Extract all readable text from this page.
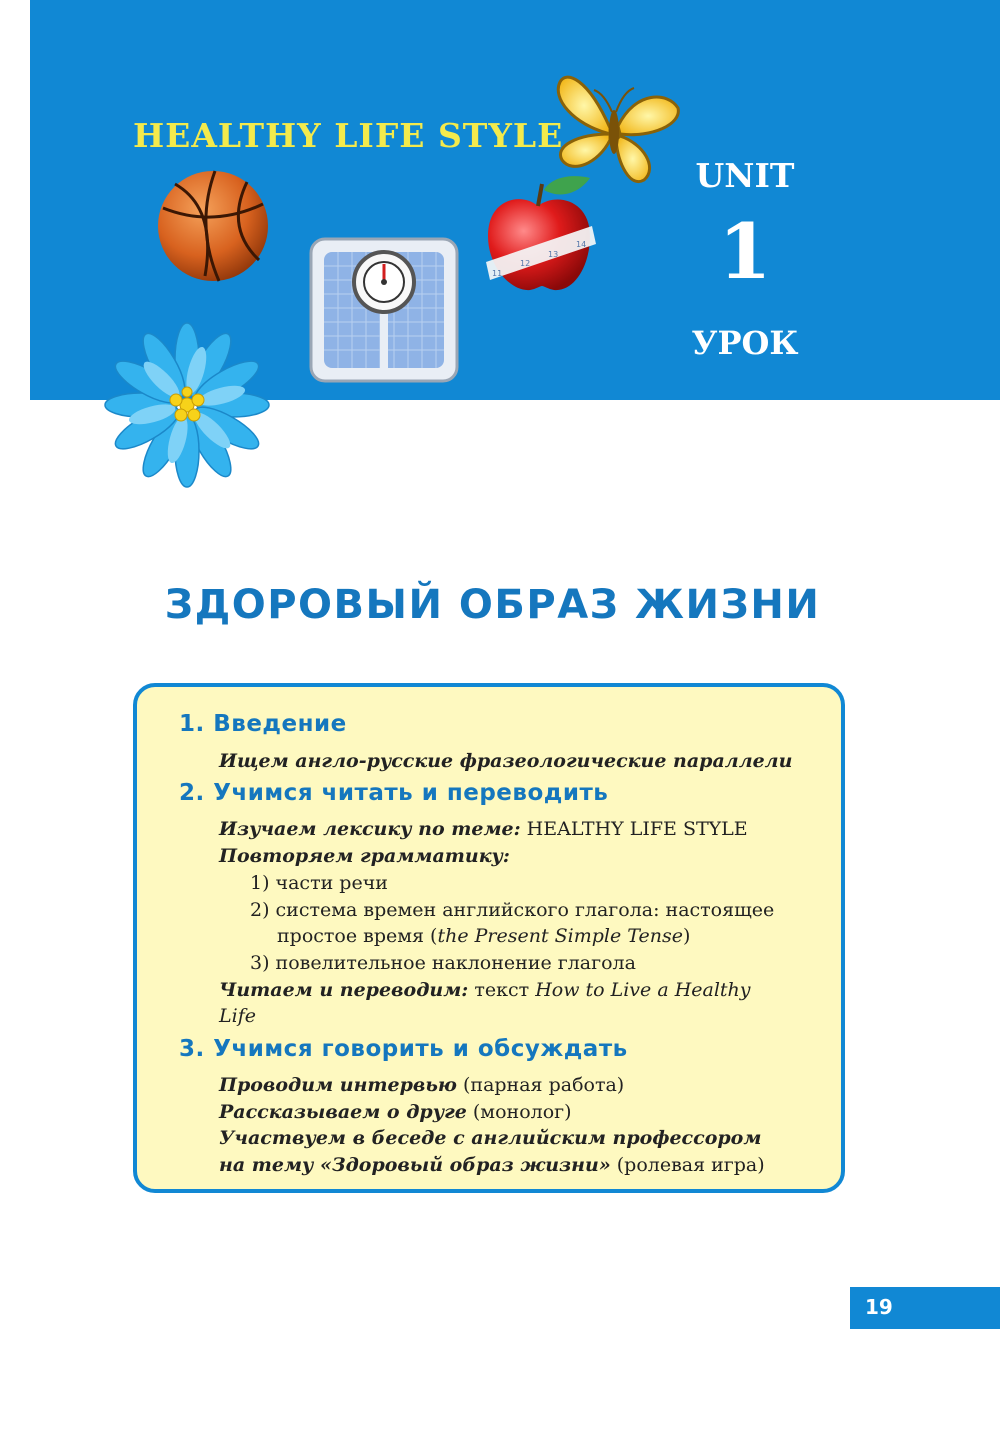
HEALTHY LIFE STYLE
11
12
13
14
UNIT
1
УРОК
ЗДОРОВЫЙ ОБРАЗ ЖИЗНИ
1. Введение
Ищем англо-русские фразеологические параллели
2. Учимся читать и переводить
Изучаем лексику по теме: HEALTHY LIFE STYLE
Повторяем грамматику:
1) части речи
2) система времен английского глагола: настоящее
простое время (the Present Simple Tense)
3) повелительное наклонение глагола
Читаем и переводим: текст How to Live a Healthy
Life
3. Учимся говорить и обсуждать
Проводим интервью (парная работа)
Рассказываем о друге (монолог)
Участвуем в беседе с английским профессором
на тему «Здоровый образ жизни» (ролевая игра)
19
